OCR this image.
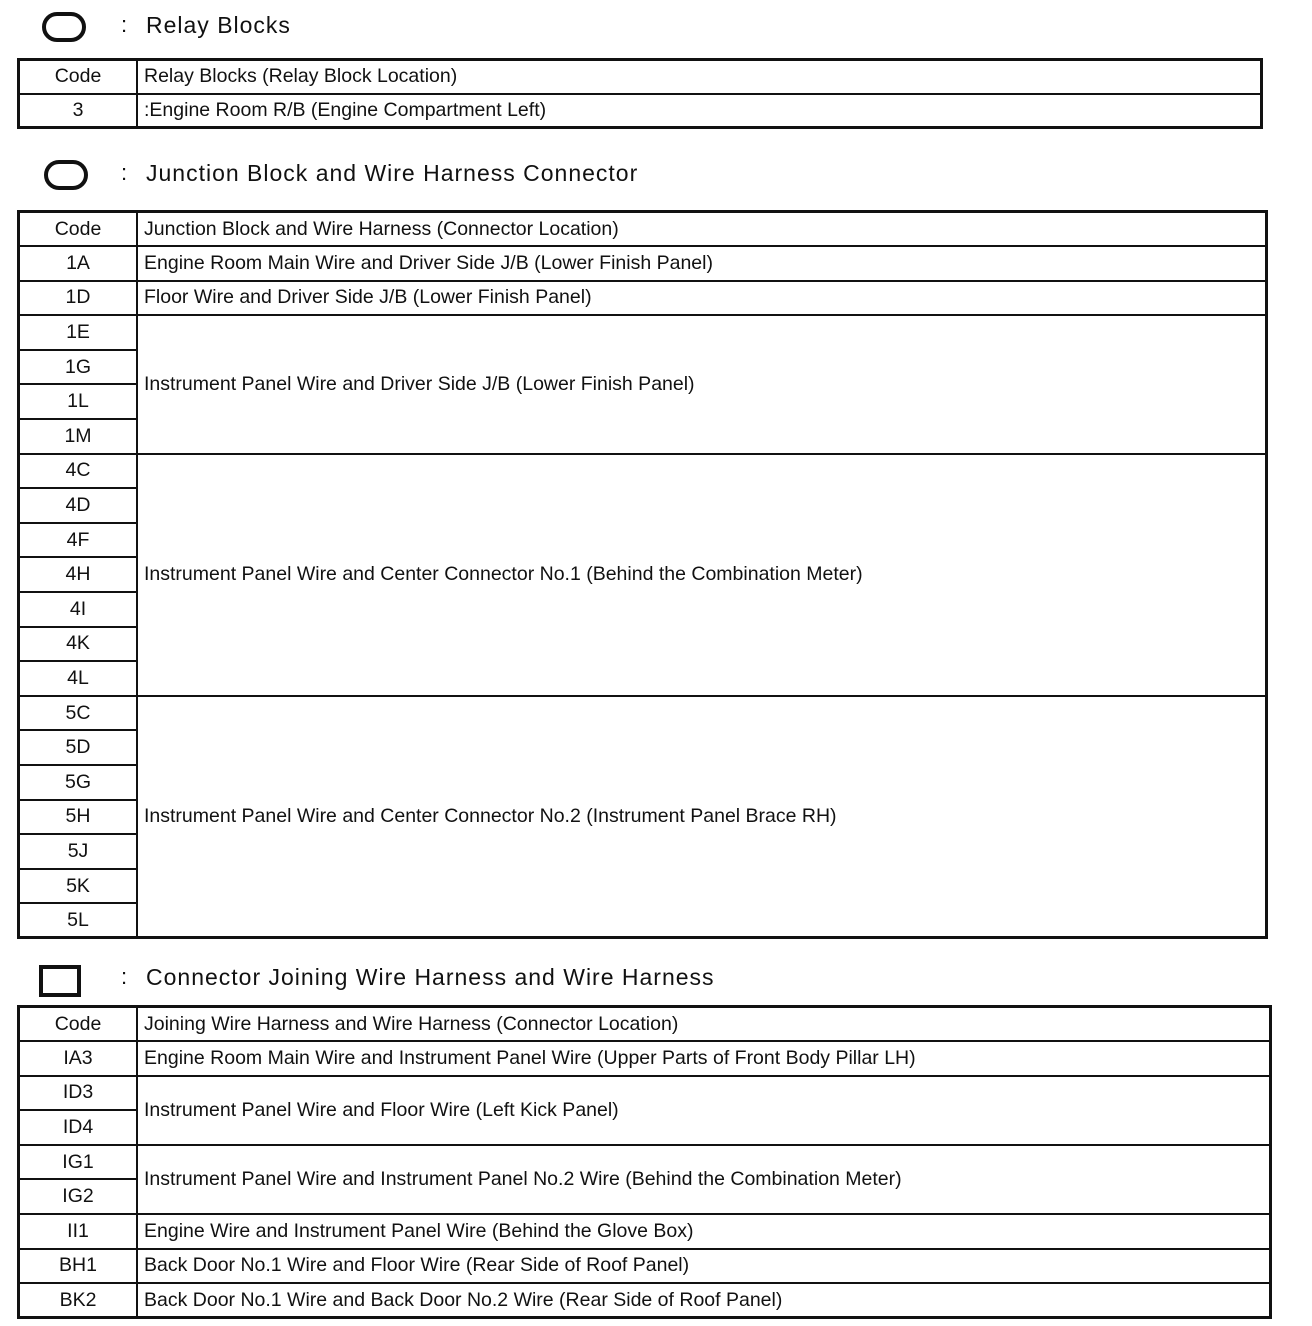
: Relay Blocks
Code	Relay Blocks (Relay Block Location)
3	:Engine Room R/B (Engine Compartment Left)
: Junction Block and Wire Harness Connector
Code	Junction Block and Wire Harness (Connector Location)
1A	Engine Room Main Wire and Driver Side J/B (Lower Finish Panel)
1D	Floor Wire and Driver Side J/B (Lower Finish Panel)
1E	Instrument Panel Wire and Driver Side J/B (Lower Finish Panel)
1G	
1L	
1M	
4C	Instrument Panel Wire and Center Connector No.1 (Behind the Combination Meter)
4D	
4F	
4H	
4I	
4K	
4L	
5C	Instrument Panel Wire and Center Connector No.2 (Instrument Panel Brace RH)
5D	
5G	
5H	
5J	
5K	
5L	
: Connector Joining Wire Harness and Wire Harness
Code	Joining Wire Harness and Wire Harness (Connector Location)
IA3	Engine Room Main Wire and Instrument Panel Wire (Upper Parts of Front Body Pillar LH)
ID3	Instrument Panel Wire and Floor Wire (Left Kick Panel)
ID4	
IG1	Instrument Panel Wire and Instrument Panel No.2 Wire (Behind the Combination Meter)
IG2	
II1	Engine Wire and Instrument Panel Wire (Behind the Glove Box)
BH1	Back Door No.1 Wire and Floor Wire (Rear Side of Roof Panel)
BK2	Back Door No.1 Wire and Back Door No.2 Wire (Rear Side of Roof Panel)
